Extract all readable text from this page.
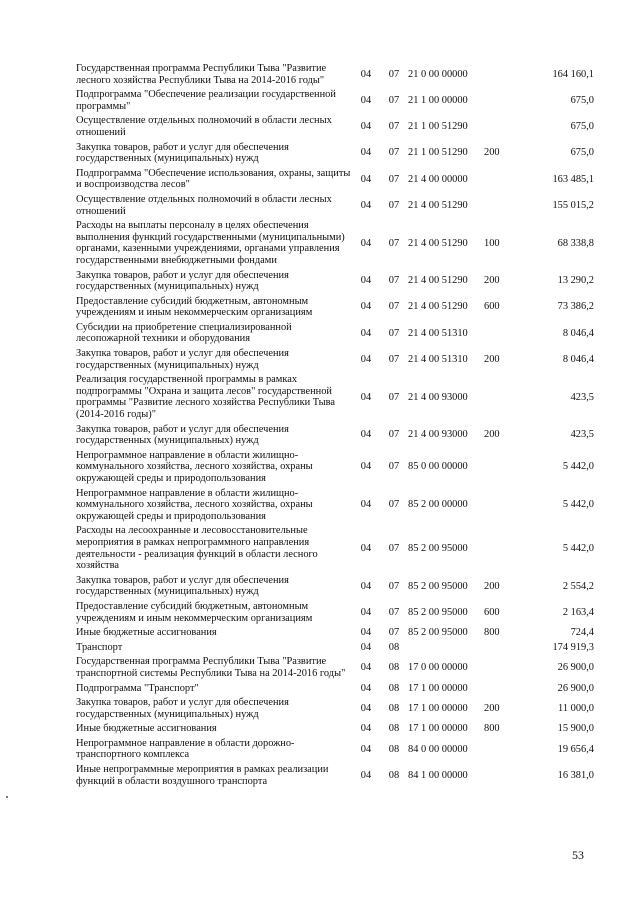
Государственная программа Республики Тыва "Развитие лесного хозяйства Республики Тыва на 2014-2016 годы"	04	07	21 0 00 00000		164 160,1
Подпрограмма "Обеспечение реализации государственной программы"	04	07	21 1 00 00000		675,0
Осуществление отдельных полномочий в области лесных отношений	04	07	21 1 00 51290		675,0
Закупка товаров, работ и услуг для обеспечения государственных (муниципальных) нужд	04	07	21 1 00 51290	200	675,0
Подпрограмма "Обеспечение использования, охраны, защиты и воспроизводства лесов"	04	07	21 4 00 00000		163 485,1
Осуществление отдельных полномочий в области лесных отношений	04	07	21 4 00 51290		155 015,2
Расходы на выплаты персоналу в целях обеспечения выполнения функций государственными (муниципальными) органами, казенными учреждениями, органами управления государственными внебюджетными фондами	04	07	21 4 00 51290	100	68 338,8
Закупка товаров, работ и услуг для обеспечения государственных (муниципальных) нужд	04	07	21 4 00 51290	200	13 290,2
Предоставление субсидий бюджетным, автономным учреждениям и иным некоммерческим организациям	04	07	21 4 00 51290	600	73 386,2
Субсидии на приобретение специализированной лесопожарной техники и оборудования	04	07	21 4 00 51310		8 046,4
Закупка товаров, работ и услуг для обеспечения государственных (муниципальных) нужд	04	07	21 4 00 51310	200	8 046,4
Реализация государственной программы в рамках подпрограммы "Охрана и защита лесов" государственной программы "Развитие лесного хозяйства Республики Тыва (2014-2016 годы)"	04	07	21 4 00 93000		423,5
Закупка товаров, работ и услуг для обеспечения государственных (муниципальных) нужд	04	07	21 4 00 93000	200	423,5
Непрограммное направление в области жилищно-коммунального хозяйства, лесного хозяйства, охраны окружающей среды и природопользования	04	07	85 0 00 00000		5 442,0
Непрограммное направление в области жилищно-коммунального хозяйства, лесного хозяйства, охраны окружающей среды и природопользования	04	07	85 2 00 00000		5 442,0
Расходы на лесоохранные и лесовосстановительные мероприятия в рамках непрограммного направления деятельности - реализация функций в области лесного хозяйства	04	07	85 2 00 95000		5 442,0
Закупка товаров, работ и услуг для обеспечения государственных (муниципальных) нужд	04	07	85 2 00 95000	200	2 554,2
Предоставление субсидий бюджетным, автономным учреждениям и иным некоммерческим организациям	04	07	85 2 00 95000	600	2 163,4
Иные бюджетные ассигнования	04	07	85 2 00 95000	800	724,4
Транспорт	04	08			174 919,3
Государственная программа Республики Тыва "Развитие транспортной системы Республики Тыва на 2014-2016 годы"	04	08	17 0 00 00000		26 900,0
Подпрограмма "Транспорт"	04	08	17 1 00 00000		26 900,0
Закупка товаров, работ и услуг для обеспечения государственных (муниципальных) нужд	04	08	17 1 00 00000	200	11 000,0
Иные бюджетные ассигнования	04	08	17 1 00 00000	800	15 900,0
Непрограммное направление в области дорожно-транспортного комплекса	04	08	84 0 00 00000		19 656,4
Иные непрограммные мероприятия в рамках реализации функций в области воздушного транспорта	04	08	84 1 00 00000		16 381,0
53
